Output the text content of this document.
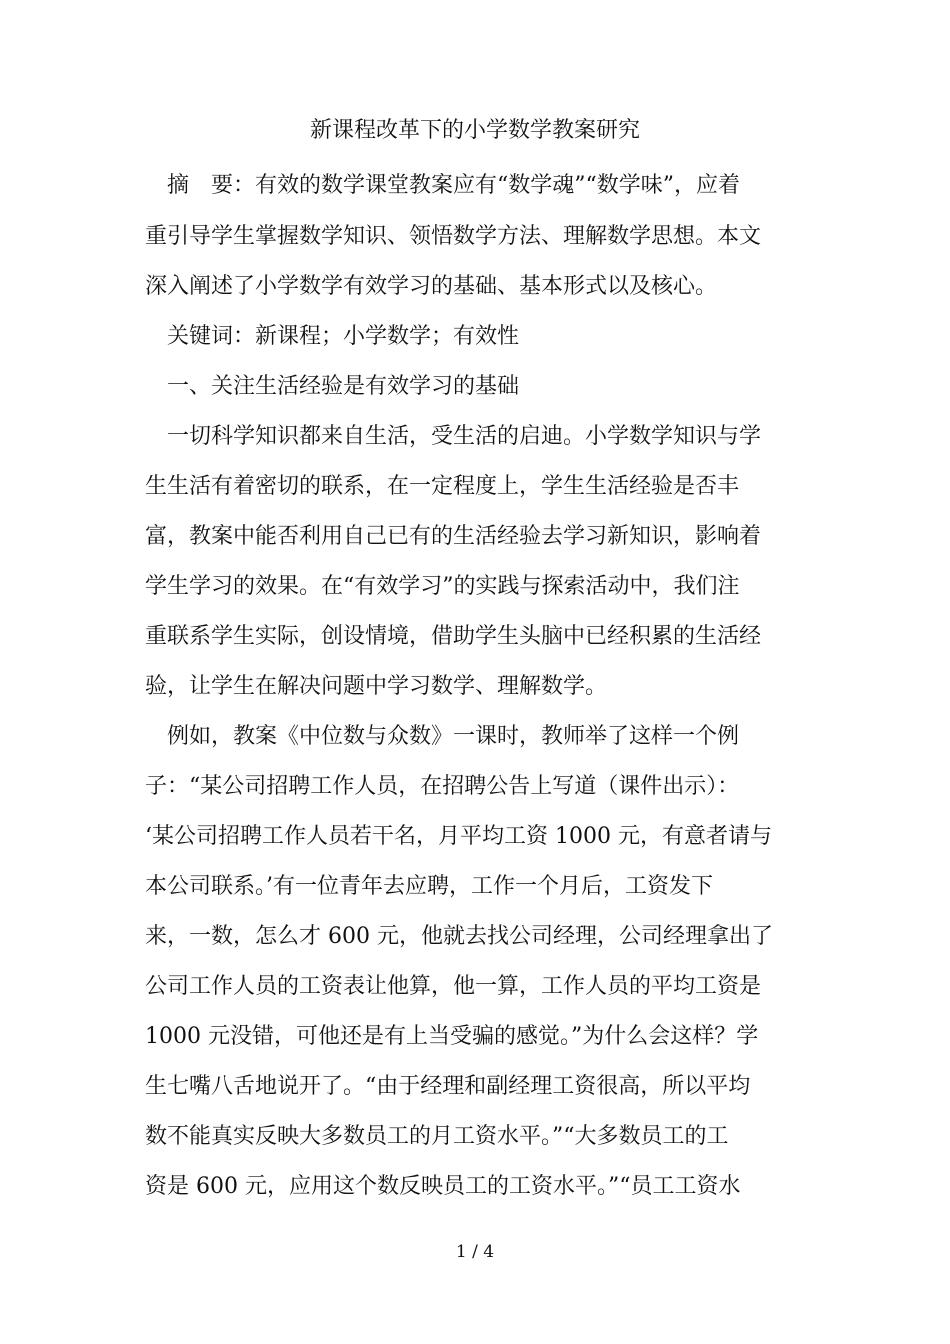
新课程改革下的小学数学教案研究
摘　要：有效的数学课堂教案应有“数学魂”“数学味”，应着
重引导学生掌握数学知识、领悟数学方法、理解数学思想。本文
深入阐述了小学数学有效学习的基础、基本形式以及核心。
关键词：新课程；小学数学；有效性
一、关注生活经验是有效学习的基础
一切科学知识都来自生活，受生活的启迪。小学数学知识与学
生生活有着密切的联系，在一定程度上，学生生活经验是否丰
富，教案中能否利用自己已有的生活经验去学习新知识，影响着
学生学习的效果。在“有效学习”的实践与探索活动中，我们注
重联系学生实际，创设情境，借助学生头脑中已经积累的生活经
验，让学生在解决问题中学习数学、理解数学。
例如，教案《中位数与众数》一课时，教师举了这样一个例
子：“某公司招聘工作人员，在招聘公告上写道（课件出示）：
‘某公司招聘工作人员若干名，月平均工资 1000 元，有意者请与
本公司联系。’有一位青年去应聘，工作一个月后，工资发下
来，一数，怎么才 600 元，他就去找公司经理，公司经理拿出了
公司工作人员的工资表让他算，他一算，工作人员的平均工资是
1000 元没错，可他还是有上当受骗的感觉。”为什么会这样？学
生七嘴八舌地说开了。“由于经理和副经理工资很高，所以平均
数不能真实反映大多数员工的月工资水平。”“大多数员工的工
资是 600 元，应用这个数反映员工的工资水平。”“员工工资水
1 / 4
